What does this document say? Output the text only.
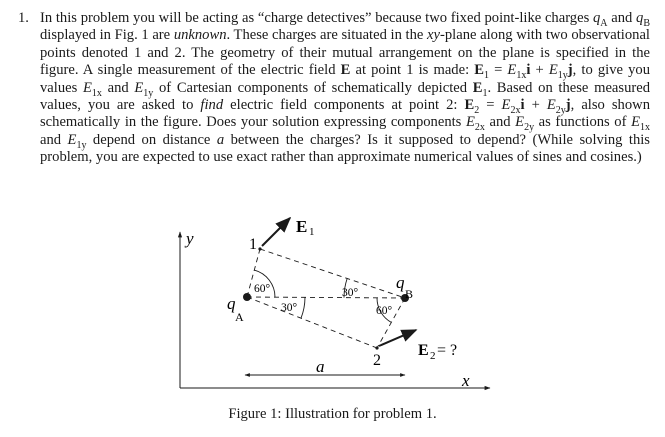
1. In this problem you will be acting as “charge detectives” because two fixed point-like charges $q_A$ and $q_B$ displayed in Fig. 1 are unknown. These charges are situated in the xy-plane along with two observational points denoted 1 and 2. The geometry of their mutual arrangement on the plane is specified in the figure. A single measurement of the electric field E at point 1 is made: $E_1 = E_{1x}i + E_{1y}j$, to give you values $E_{1x}$ and $E_{1y}$ of Cartesian components of schematically depicted $E_1$. Based on these measured values, you are asked to find electric field components at point 2: $E_2 = E_{2x}i + E_{2y}j$, also shown schematically in the figure. Does your solution expressing components $E_{2x}$ and $E_{2y}$ as functions of $E_{1x}$ and $E_{1y}$ depend on distance a between the charges? Is it supposed to depend? (While solving this problem, you are expected to use exact rather than approximate numerical values of sines and cosines.)
y
x
60°
30°
30°
60°
qA
qB
1
2
E 1
E2= ?
a
Figure 1: Illustration for problem 1.
